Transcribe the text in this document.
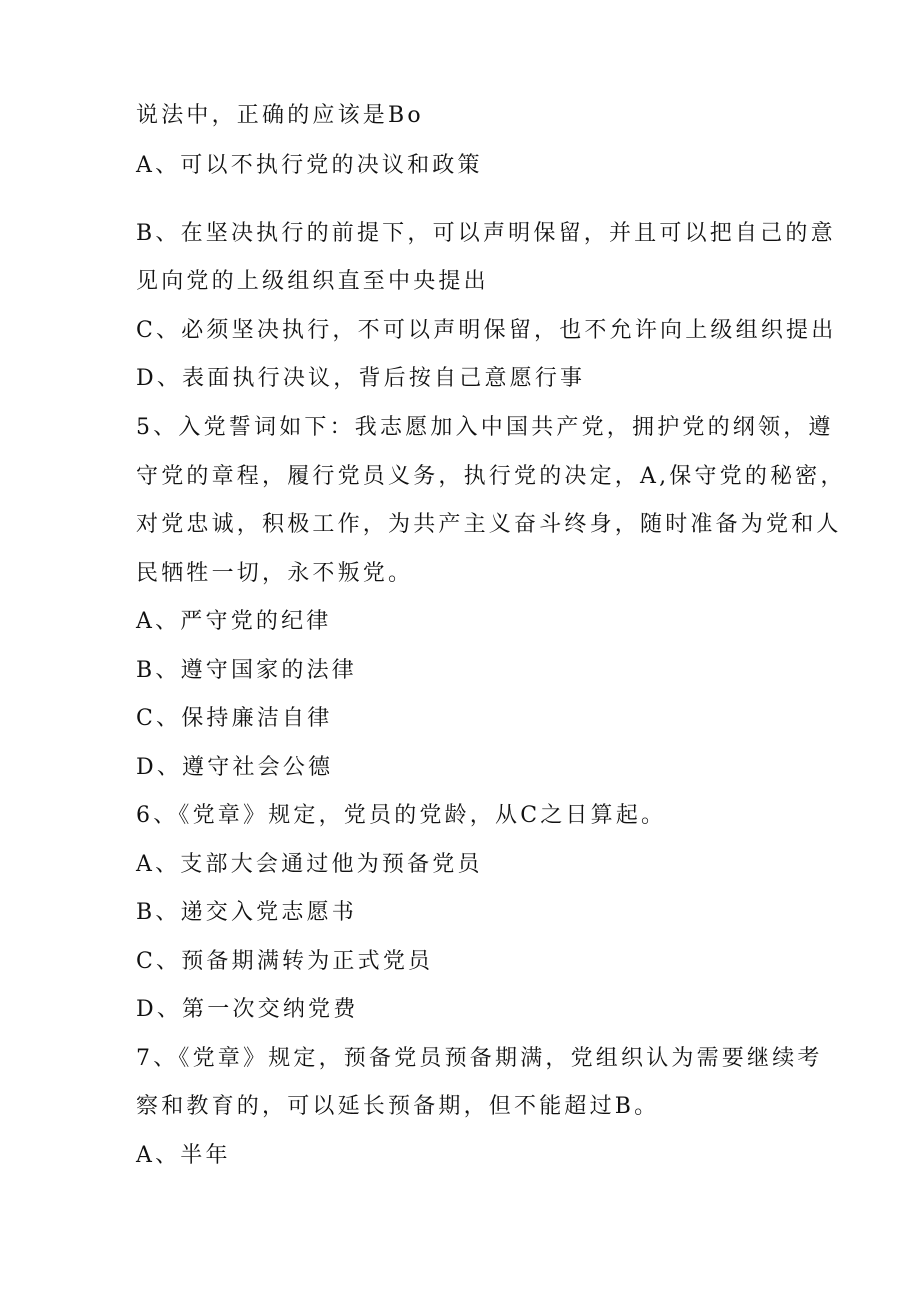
说法中，正确的应该是Bo
A、可以不执行党的决议和政策
B、在坚决执行的前提下，可以声明保留，并且可以把自己的意
见向党的上级组织直至中央提出
C、必须坚决执行，不可以声明保留，也不允许向上级组织提出
D、表面执行决议，背后按自己意愿行事
5、入党誓词如下：我志愿加入中国共产党，拥护党的纲领，遵
守党的章程，履行党员义务，执行党的决定，A,保守党的秘密，
对党忠诚，积极工作，为共产主义奋斗终身，随时准备为党和人
民牺牲一切，永不叛党。
A、严守党的纪律
B、遵守国家的法律
C、保持廉洁自律
D、遵守社会公德
6、《党章》规定，党员的党龄，从C之日算起。
A、支部大会通过他为预备党员
B、递交入党志愿书
C、预备期满转为正式党员
D、第一次交纳党费
7、《党章》规定，预备党员预备期满，党组织认为需要继续考
察和教育的，可以延长预备期，但不能超过B。
A、半年
